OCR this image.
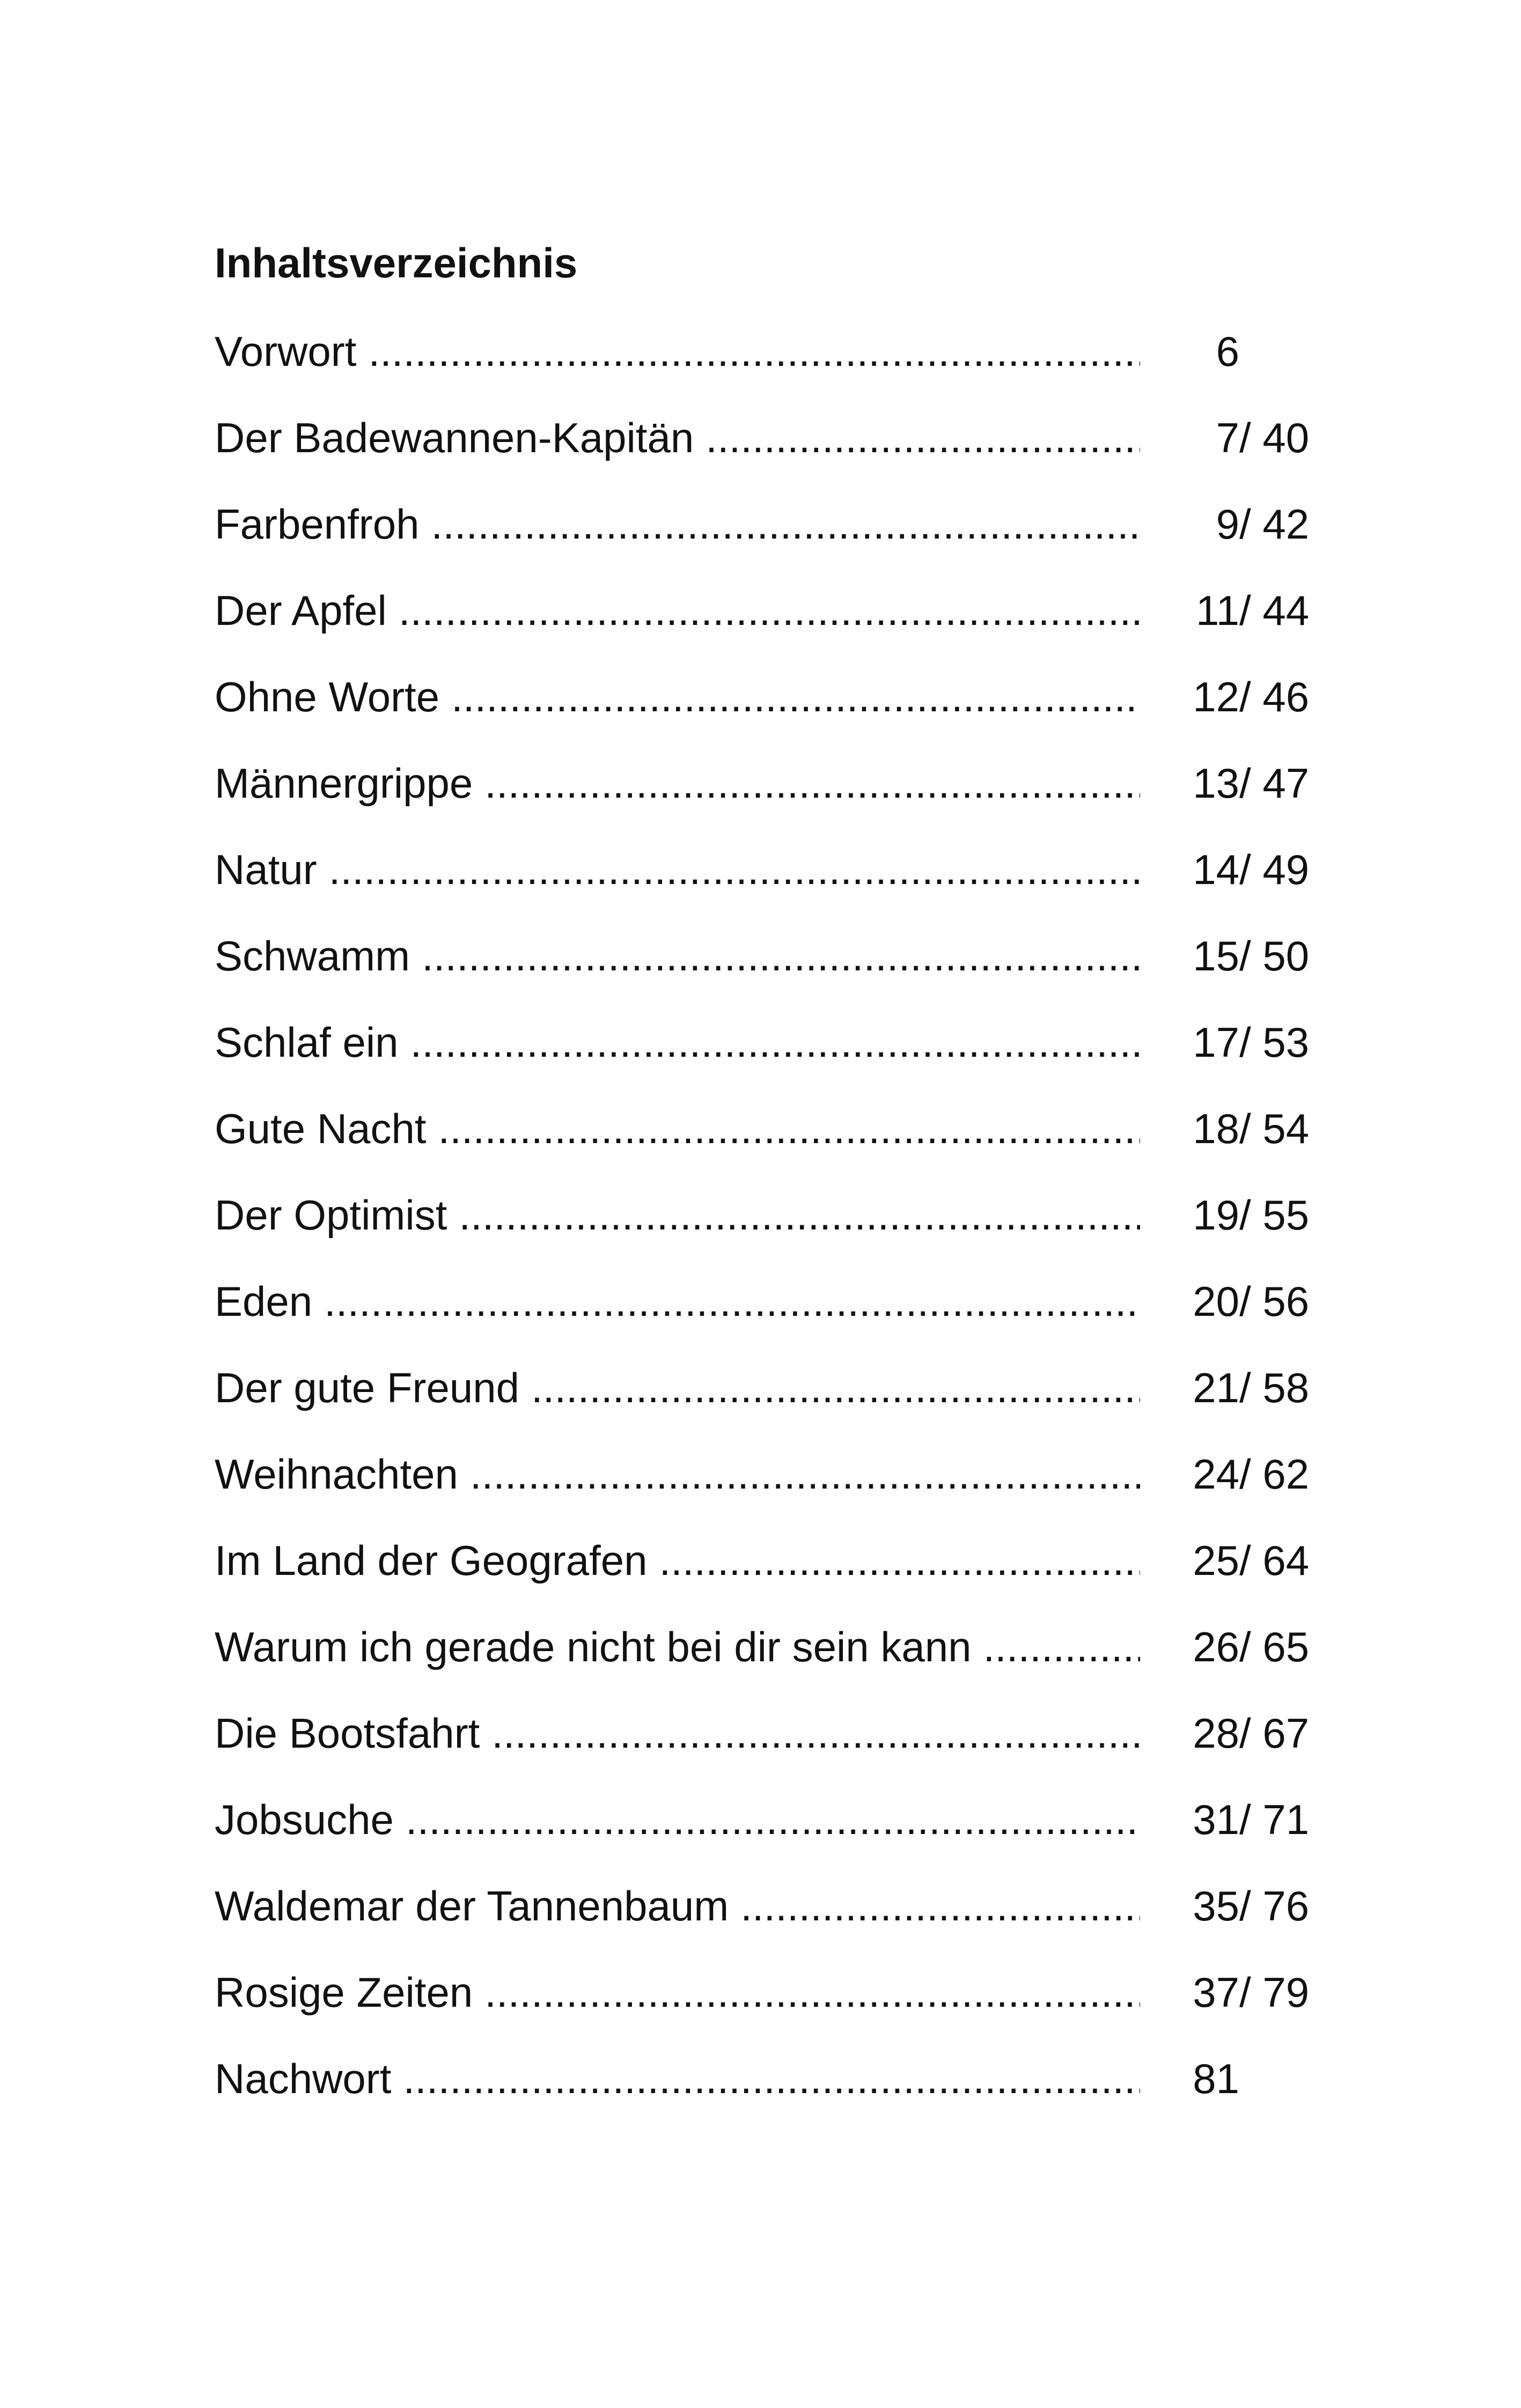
Inhaltsverzeichnis
Vorwort .....	6
Der Badewannen-Kapitän .....	7 / 40
Farbenfroh .....	9 / 42
Der Apfel .....	11 / 44
Ohne Worte .....	12 / 46
Männergrippe .....	13 / 47
Natur .....	14 / 49
Schwamm .....	15 / 50
Schlaf ein .....	17 / 53
Gute Nacht .....	18 / 54
Der Optimist .....	19 / 55
Eden .....	20 / 56
Der gute Freund .....	21 / 58
Weihnachten .....	24 / 62
Im Land der Geografen .....	25 / 64
Warum ich gerade nicht bei dir sein kann .....	26 / 65
Die Bootsfahrt .....	28 / 67
Jobsuche .....	31 / 71
Waldemar der Tannenbaum .....	35 / 76
Rosige Zeiten .....	37 / 79
Nachwort .....	81
